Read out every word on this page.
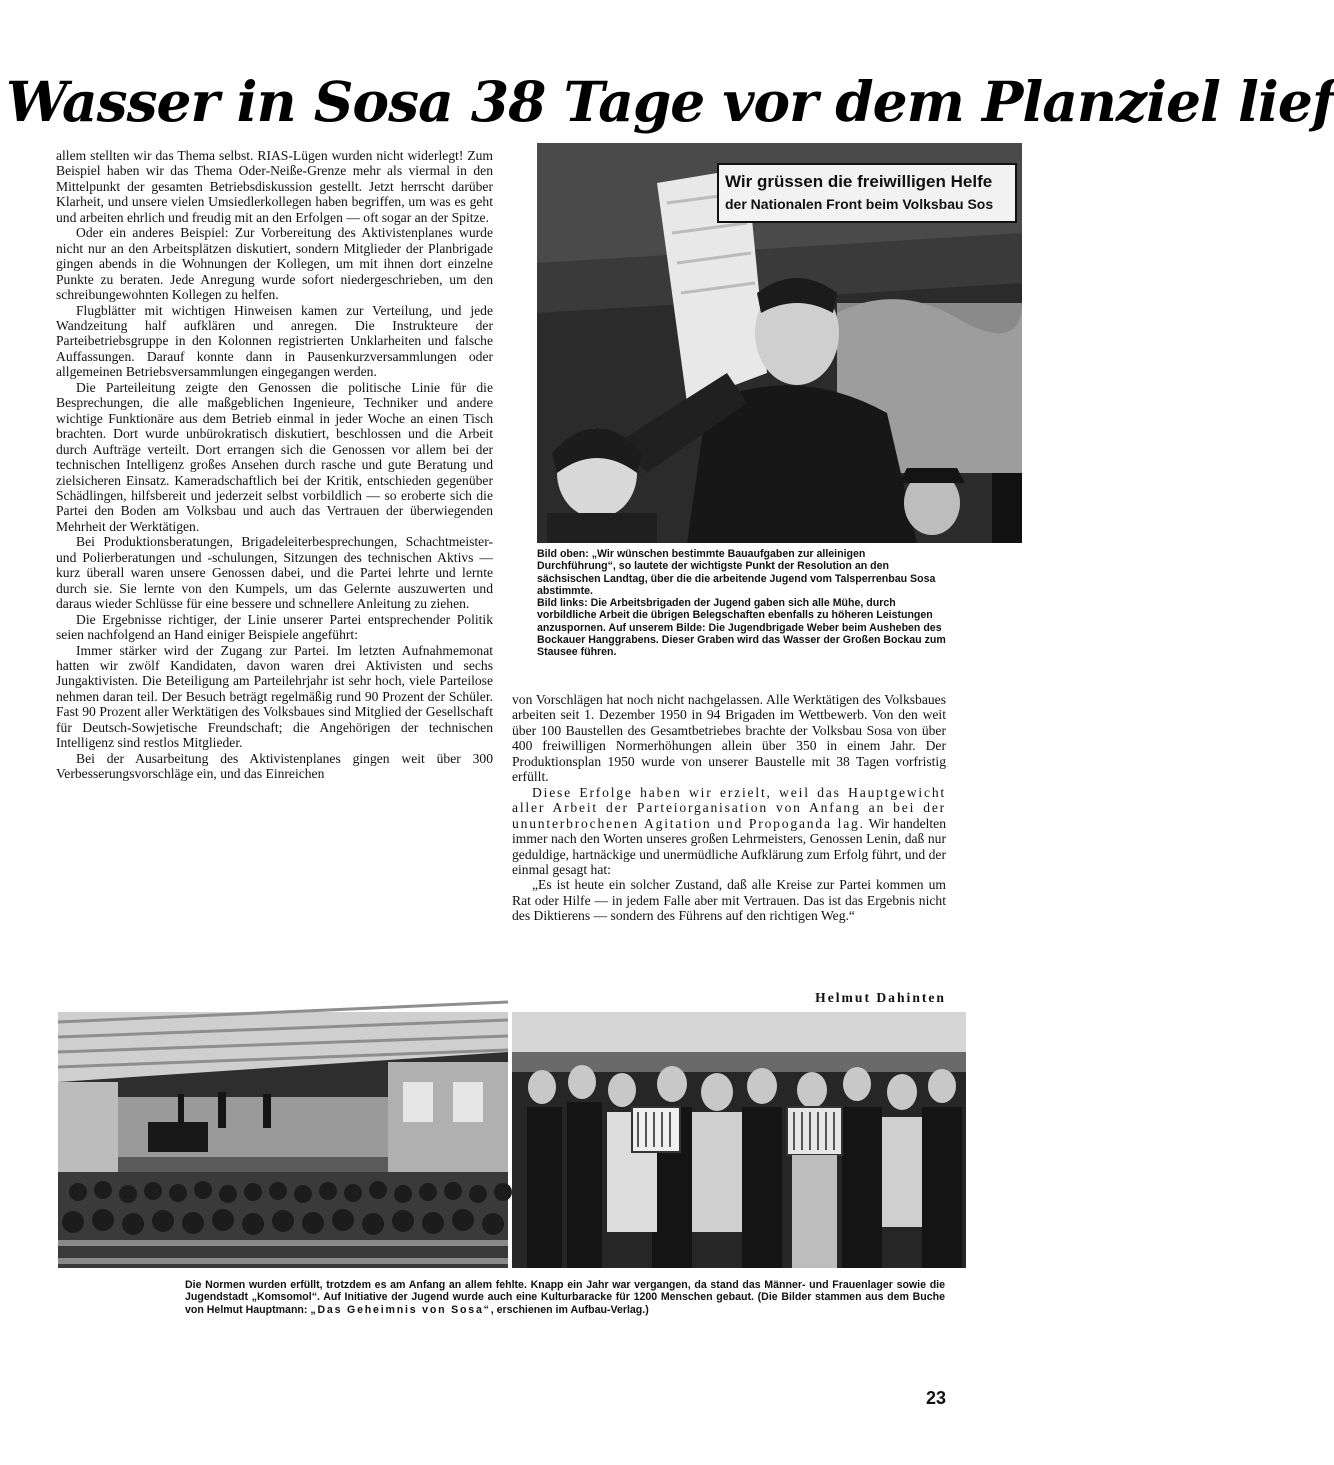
Wasser in Sosa 38 Tage vor dem Planziel lief

allem stellten wir das Thema selbst. RIAS-Lügen wurden nicht widerlegt! Zum Beispiel haben wir das Thema Oder-Neiße-Grenze mehr als viermal in den Mittelpunkt der gesamten Betriebsdiskussion gestellt. Jetzt herrscht darüber Klarheit, und unsere vielen Umsiedlerkollegen haben begriffen, um was es geht und arbeiten ehrlich und freudig mit an den Erfolgen — oft sogar an der Spitze.

Oder ein anderes Beispiel: Zur Vorbereitung des Aktivistenplanes wurde nicht nur an den Arbeitsplätzen diskutiert, sondern Mitglieder der Planbrigade gingen abends in die Wohnungen der Kollegen, um mit ihnen dort einzelne Punkte zu beraten. Jede Anregung wurde sofort niedergeschrieben, um den schreibungewohnten Kollegen zu helfen.

Flugblätter mit wichtigen Hinweisen kamen zur Verteilung, und jede Wandzeitung half aufklären und anregen. Die Instrukteure der Parteibetriebsgruppe in den Kolonnen registrierten Unklarheiten und falsche Auffassungen. Darauf konnte dann in Pausenkurzversammlungen oder allgemeinen Betriebsversammlungen eingegangen werden.

Die Parteileitung zeigte den Genossen die politische Linie für die Besprechungen, die alle maßgeblichen Ingenieure, Techniker und andere wichtige Funktionäre aus dem Betrieb einmal in jeder Woche an einen Tisch brachten. Dort wurde unbürokratisch diskutiert, beschlossen und die Arbeit durch Aufträge verteilt. Dort errangen sich die Genossen vor allem bei der technischen Intelligenz großes Ansehen durch rasche und gute Beratung und zielsicheren Einsatz. Kameradschaftlich bei der Kritik, entschieden gegenüber Schädlingen, hilfsbereit und jederzeit selbst vorbildlich — so eroberte sich die Partei den Boden am Volksbau und auch das Vertrauen der überwiegenden Mehrheit der Werktätigen.

Bei Produktionsberatungen, Brigadeleiterbesprechungen, Schachtmeister- und Polierberatungen und -schulungen, Sitzungen des technischen Aktivs — kurz überall waren unsere Genossen dabei, und die Partei lehrte und lernte durch sie. Sie lernte von den Kumpels, um das Gelernte auszuwerten und daraus wieder Schlüsse für eine bessere und schnellere Anleitung zu ziehen.

Die Ergebnisse richtiger, der Linie unserer Partei entsprechender Politik seien nachfolgend an Hand einiger Beispiele angeführt:

Immer stärker wird der Zugang zur Partei. Im letzten Aufnahmemonat hatten wir zwölf Kandidaten, davon waren drei Aktivisten und sechs Jungaktivisten. Die Beteiligung am Parteilehrjahr ist sehr hoch, viele Parteilose nehmen daran teil. Der Besuch beträgt regelmäßig rund 90 Prozent der Schüler. Fast 90 Prozent aller Werktätigen des Volksbaues sind Mitglied der Gesellschaft für Deutsch-Sowjetische Freundschaft; die Angehörigen der technischen Intelligenz sind restlos Mitglieder.

Bei der Ausarbeitung des Aktivistenplanes gingen weit über 300 Verbesserungsvorschläge ein, und das Einreichen

Wir grüssen die freiwilligen Helfe
der Nationalen Front beim Volksbau Sos

Bild oben: „Wir wünschen bestimmte Bauaufgaben zur alleinigen Durchführung“, so lautete der wichtigste Punkt der Resolution an den sächsischen Landtag, über die die arbeitende Jugend vom Talsperrenbau Sosa abstimmte.

Bild links: Die Arbeitsbrigaden der Jugend gaben sich alle Mühe, durch vorbildliche Arbeit die übrigen Belegschaften ebenfalls zu höheren Leistungen anzuspornen. Auf unserem Bilde: Die Jugendbrigade Weber beim Ausheben des Bockauer Hanggrabens. Dieser Graben wird das Wasser der Großen Bockau zum Stausee führen.

von Vorschlägen hat noch nicht nachgelassen. Alle Werktätigen des Volksbaues arbeiten seit 1. Dezember 1950 in 94 Brigaden im Wettbewerb. Von den weit über 100 Baustellen des Gesamtbetriebes brachte der Volksbau Sosa von über 400 freiwilligen Normerhöhungen allein über 350 in einem Jahr. Der Produktionsplan 1950 wurde von unserer Baustelle mit 38 Tagen vorfristig erfüllt.

Diese Erfolge haben wir erzielt, weil das Hauptgewicht aller Arbeit der Parteiorganisation von Anfang an bei der ununterbrochenen Agitation und Propoganda lag. Wir handelten immer nach den Worten unseres großen Lehrmeisters, Genossen Lenin, daß nur geduldige, hartnäckige und unermüdliche Aufklärung zum Erfolg führt, und der einmal gesagt hat:

„Es ist heute ein solcher Zustand, daß alle Kreise zur Partei kommen um Rat oder Hilfe — in jedem Falle aber mit Vertrauen. Das ist das Ergebnis nicht des Diktierens — sondern des Führens auf den richtigen Weg.“

Helmut Dahinten
Die Normen wurden erfüllt, trotzdem es am Anfang an allem fehlte. Knapp ein Jahr war vergangen, da stand das Männer- und Frauenlager sowie die Jugendstadt „Komsomol“. Auf Initiative der Jugend wurde auch eine Kulturbaracke für 1200 Menschen gebaut. (Die Bilder stammen aus dem Buche von Helmut Hauptmann: „Das Geheimnis von Sosa“, erschienen im Aufbau-Verlag.)
23
